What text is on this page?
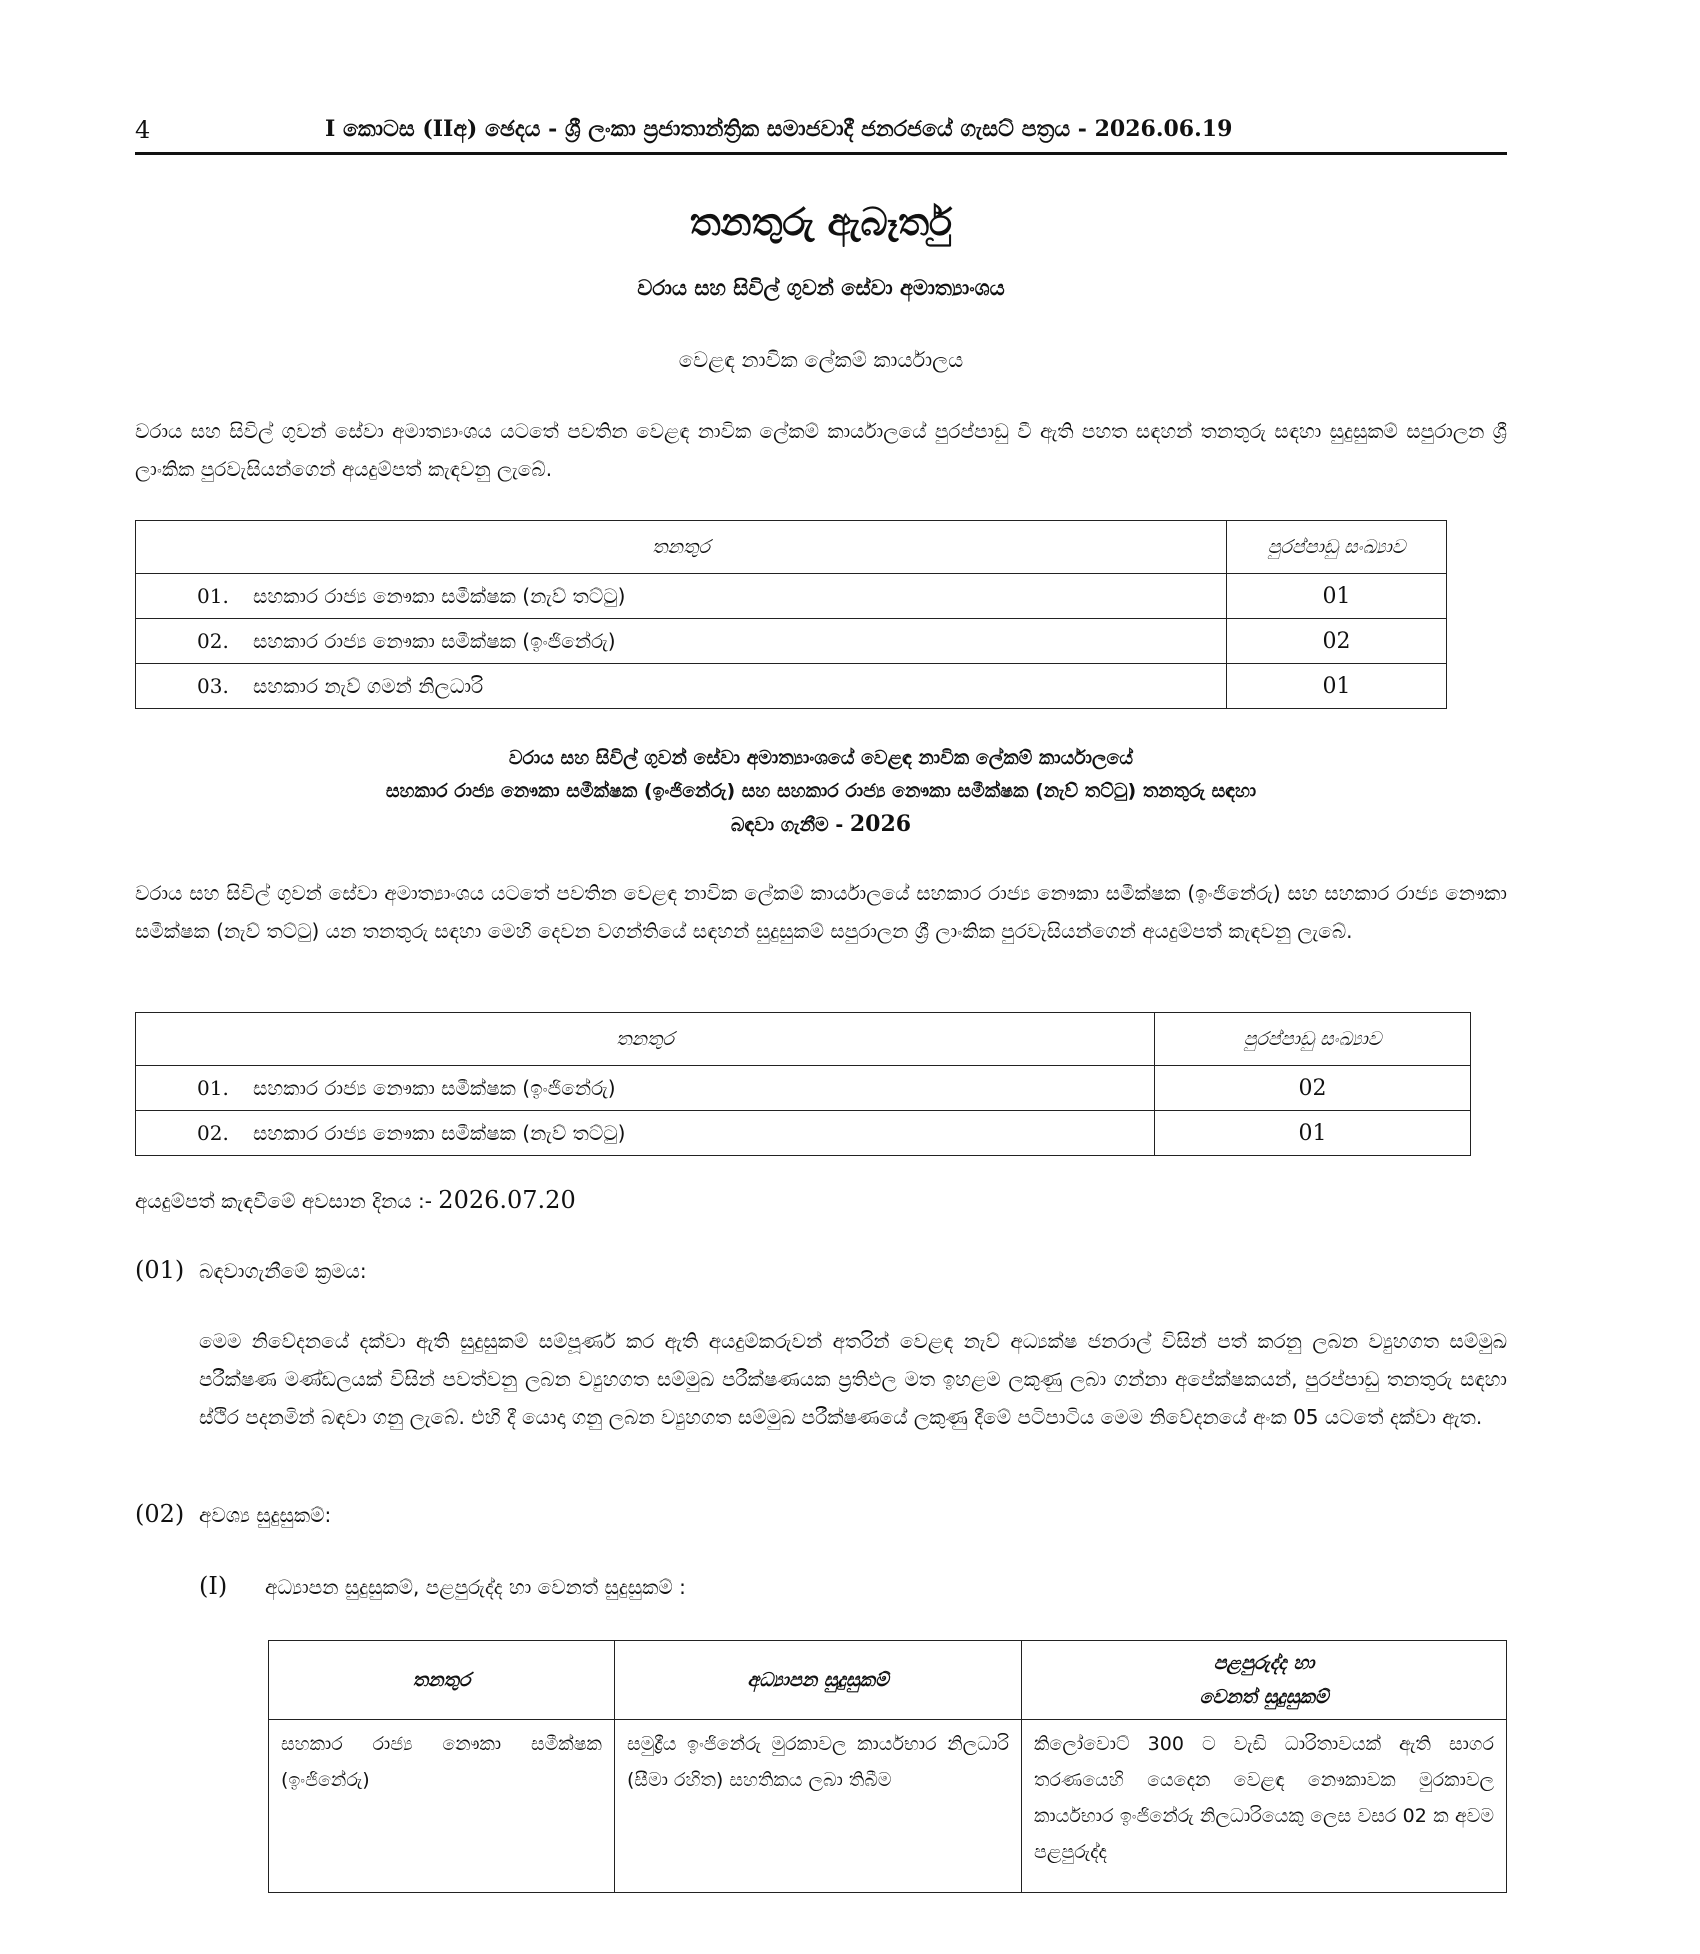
4	I කොටස (IIඅ) ඡෙදය - ශ්‍රී ලංකා ප්‍රජාතාන්ත්‍රික සමාජවාදී ජනරජයේ ගැසට් පත්‍රය - 2026.06.19
තනතුරු ඇබෑර්තු
වරාය සහ සිවිල් ගුවන් සේවා අමාත්‍යාංශය
වෙළඳ නාවික ලේකම් කාර්යාලය
වරාය සහ සිවිල් ගුවන් සේවා අමාත්‍යාංශය යටතේ පවතින වෙළඳ නාවික ලේකම් කාර්යාලයේ පුරප්පාඩු වී ඇති පහත සඳහන් තනතුරු සඳහා සුදුසුකම් සපුරාලන ශ්‍රී ලාංකික පුරවැසියන්ගෙන් අයදුම්පත් කැඳවනු ලැබේ.
තනතුර	පුරප්පාඩු සංඛ්‍යාව
01. සහකාර රාජ්‍ය නෞකා සමීක්ෂක (නැව් තට්ටු)	01
02. සහකාර රාජ්‍ය නෞකා සමීක්ෂක (ඉංජිනේරු)	02
03. සහකාර නැව් ගමන් නිලධාරි	01
වරාය සහ සිවිල් ගුවන් සේවා අමාත්‍යාංශයේ වෙළඳ නාවික ලේකම් කාර්යාලයේ
සහකාර රාජ්‍ය නෞකා සමීක්ෂක (ඉංජිනේරු) සහ සහකාර රාජ්‍ය නෞකා සමීක්ෂක (නැව් තට්ටු) තනතුරු සඳහා
බඳවා ගැනීම - 2026
වරාය සහ සිවිල් ගුවන් සේවා අමාත්‍යාංශය යටතේ පවතින වෙළඳ නාවික ලේකම් කාර්යාලයේ සහකාර රාජ්‍ය නෞකා සමීක්ෂක (ඉංජිනේරු) සහ සහකාර රාජ්‍ය නෞකා සමීක්ෂක (නැව් තට්ටු) යන තනතුරු සඳහා මෙහි දෙවන වගන්තියේ සඳහන් සුදුසුකම් සපුරාලන ශ්‍රී ලාංකික පුරවැසියන්ගෙන් අයදුම්පත් කැඳවනු ලැබේ.
තනතුර	පුරප්පාඩු සංඛ්‍යාව
01. සහකාර රාජ්‍ය නෞකා සමීක්ෂක (ඉංජිනේරු)	02
02. සහකාර රාජ්‍ය නෞකා සමීක්ෂක (නැව් තට්ටු)	01
අයදුම්පත් කැඳවීමේ අවසාන දිනය :- 2026.07.20
(01) බඳවාගැනීමේ ක්‍රමය:
මෙම නිවේදනයේ දක්වා ඇති සුදුසුකම් සම්පූර්ණ කර ඇති අයදුම්කරුවන් අතරින් වෙළඳ නැව් අධ්‍යක්ෂ ජනරාල් විසින් පත් කරනු ලබන ව්‍යුහගත සම්මුඛ පරීක්ෂණ මණ්ඩලයක් විසින් පවත්වනු ලබන ව්‍යුහගත සම්මුඛ පරීක්ෂණයක ප්‍රතිඵල මත ඉහළම ලකුණු ලබා ගන්නා අපේක්ෂකයන්, පුරප්පාඩු තනතුරු සඳහා ස්ථිර පදනමින් බඳවා ගනු ලැබේ. එහි දී යොදා ගනු ලබන ව්‍යුහගත සම්මුඛ පරීක්ෂණයේ ලකුණු දීමේ පටිපාටිය මෙම නිවේදනයේ අංක 05 යටතේ දක්වා ඇත.
(02) අවශ්‍ය සුදුසුකම්:
(I) අධ්‍යාපන සුදුසුකම්, පළපුරුද්ද හා වෙනත් සුදුසුකම් :
තනතුර	අධ්‍යාපන සුදුසුකම්	පළපුරුද්ද හා
වෙනත් සුදුසුකම්

සහකාර රාජ්‍ය නෞකා සමීක්ෂක (ඉංජිනේරු)	සමුද්‍රීය ඉංජිනේරු මුරකාවල කාර්යභාර නිලධාරි (සීමා රහිත) සහතිකය ලබා තිබීම	කිලෝවොට් 300 ට වැඩි ධාරිතාවයක් ඇති සාගර තරණයෙහි යෙදෙන වෙළඳ නෞකාවක මුරකාවල කාර්යභාර ඉංජිනේරු නිලධාරියෙකු ලෙස වසර 02 ක අවම පළපුරුද්ද
